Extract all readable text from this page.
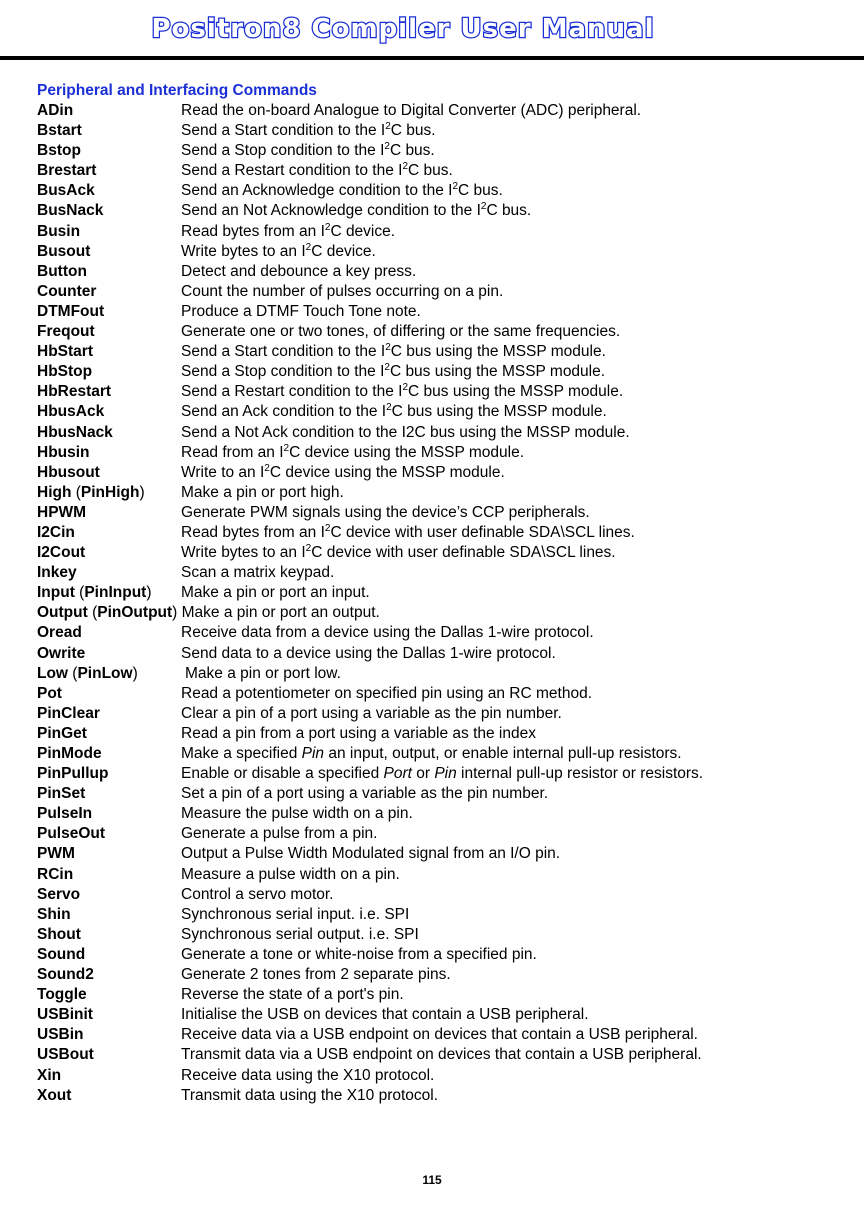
Positron8 Compiler User Manual
Peripheral and Interfacing Commands
ADin	Read the on-board Analogue to Digital Converter (ADC) peripheral.
Bstart	Send a Start condition to the $I^2C$ bus.
Bstop	Send a Stop condition to the $I^2C$ bus.
Brestart	Send a Restart condition to the $I^2C$ bus.
BusAck	Send an Acknowledge condition to the $I^2C$ bus.
BusNack	Send an Not Acknowledge condition to the $I^2C$ bus.
Busin	Read bytes from an $I^2C$ device.
Busout	Write bytes to an $I^2C$ device.
Button	Detect and debounce a key press.
Counter	Count the number of pulses occurring on a pin.
DTMFout	Produce a DTMF Touch Tone note.
Freqout	Generate one or two tones, of differing or the same frequencies.
HbStart	Send a Start condition to the $I^2C$ bus using the MSSP module.
HbStop	Send a Stop condition to the $I^2C$ bus using the MSSP module.
HbRestart	Send a Restart condition to the $I^2C$ bus using the MSSP module.
HbusAck	Send an Ack condition to the $I^2C$ bus using the MSSP module.
HbusNack	Send a Not Ack condition to the I2C bus using the MSSP module.
Hbusin	Read from an $I^2C$ device using the MSSP module.
Hbusout	Write to an $I^2C$ device using the MSSP module.
High (PinHigh) Make a pin or port high.
HPWM	Generate PWM signals using the device’s CCP peripherals.
I2Cin	Read bytes from an $I^2C$ device with user definable SDA\SCL lines.
I2Cout	Write bytes to an $I^2C$ device with user definable SDA\SCL lines.
Inkey	Scan a matrix keypad.
Input (PinInput) Make a pin or port an input.
Output (PinOutput) Make a pin or port an output.
Oread	Receive data from a device using the Dallas 1-wire protocol.
Owrite	Send data to a device using the Dallas 1-wire protocol.
Low (PinLow)	Make a pin or port low.
Pot	Read a potentiometer on specified pin using an RC method.
PinClear	Clear a pin of a port using a variable as the pin number.
PinGet	Read a pin from a port using a variable as the index
PinMode	Make a specified Pin an input, output, or enable internal pull-up resistors.
PinPullup	Enable or disable a specified Port or Pin internal pull-up resistor or resistors.
PinSet	Set a pin of a port using a variable as the pin number.
PulseIn	Measure the pulse width on a pin.
PulseOut	Generate a pulse from a pin.
PWM	Output a Pulse Width Modulated signal from an I/O pin.
RCin	Measure a pulse width on a pin.
Servo	Control a servo motor.
Shin	Synchronous serial input. i.e. SPI
Shout	Synchronous serial output. i.e. SPI
Sound	Generate a tone or white-noise from a specified pin.
Sound2	Generate 2 tones from 2 separate pins.
Toggle	Reverse the state of a port's pin.
USBinit	Initialise the USB on devices that contain a USB peripheral.
USBin	Receive data via a USB endpoint on devices that contain a USB peripheral.
USBout	Transmit data via a USB endpoint on devices that contain a USB peripheral.
Xin	Receive data using the X10 protocol.
Xout	Transmit data using the X10 protocol.
115
